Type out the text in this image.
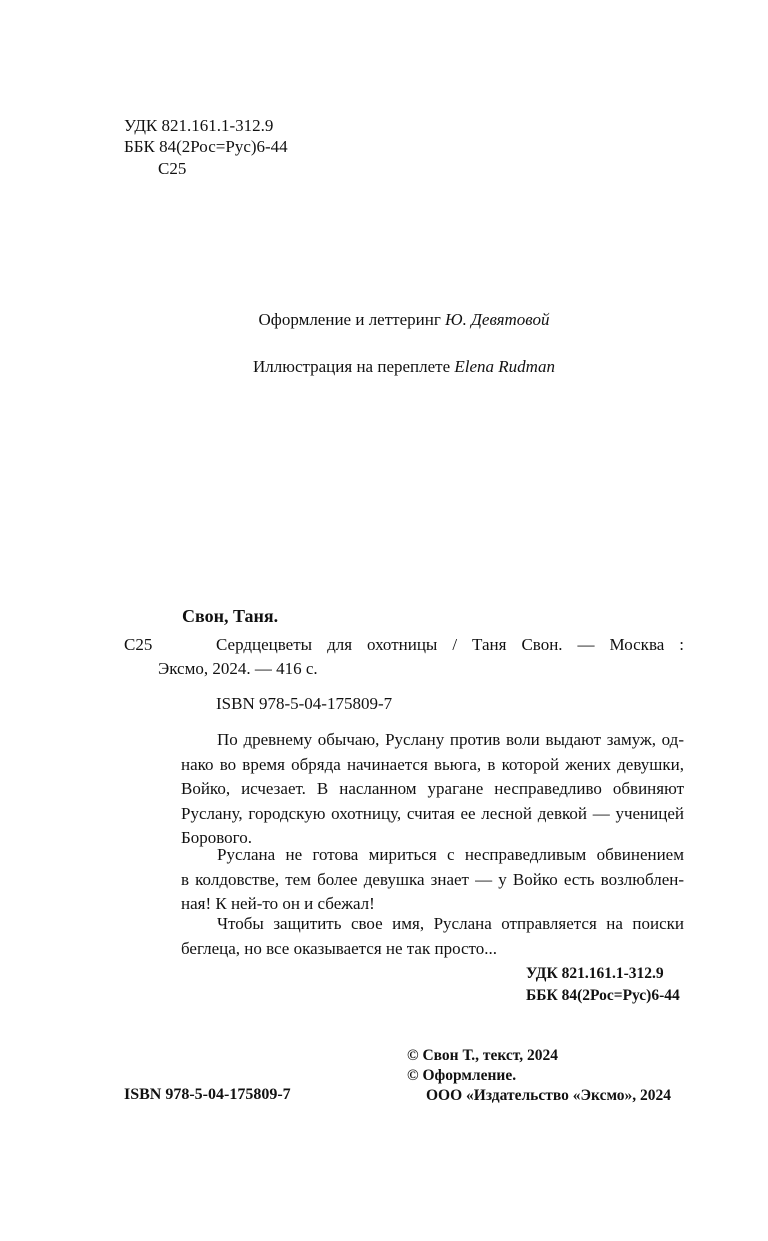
УДК 821.161.1-312.9
ББК 84(2Рос=Рус)6-44
С25
Оформление и леттеринг Ю. Девятовой
Иллюстрация на переплете Elena Rudman
Свон, Таня.
С25	Сердцецветы для охотницы / Таня Свон. — Москва :
Эксмо, 2024. — 416 с.
ISBN 978-5-04-175809-7
По древнему обычаю, Руслану против воли выдают замуж, од-
нако во время обряда начинается вьюга, в которой жених девушки,
Войко, исчезает. В насланном урагане несправедливо обвиняют
Руслану, городскую охотницу, считая ее лесной девкой — ученицей
Борового.
Руслана не готова мириться с несправедливым обвинением
в колдовстве, тем более девушка знает — у Войко есть возлюблен-
ная! К ней-то он и сбежал!
Чтобы защитить свое имя, Руслана отправляется на поиски
беглеца, но все оказывается не так просто...
УДК 821.161.1-312.9
ББК 84(2Рос=Рус)6-44
ISBN 978-5-04-175809-7
© Свон Т., текст, 2024
© Оформление.
ООО «Издательство «Эксмо», 2024
